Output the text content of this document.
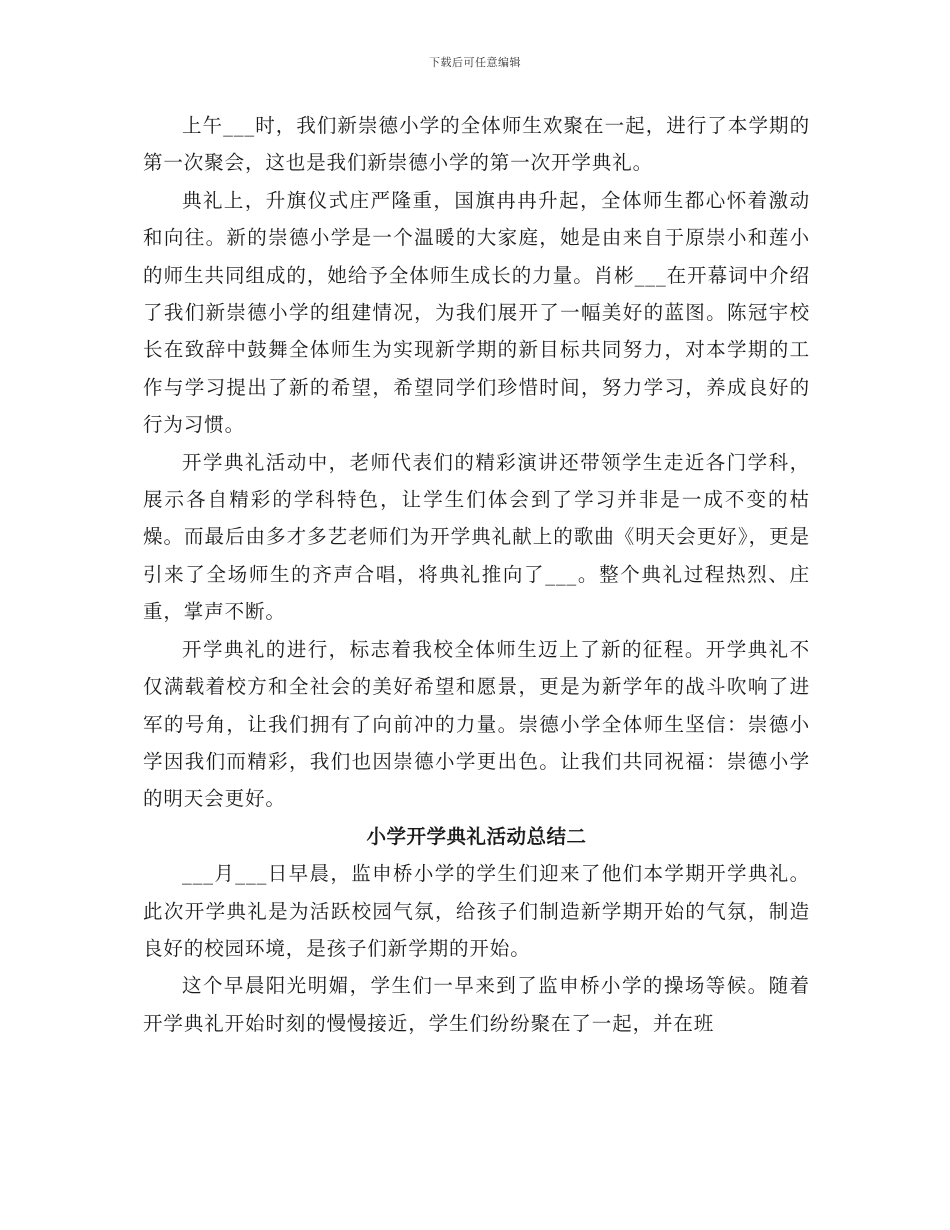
下载后可任意编辑

上午___时，我们新崇德小学的全体师生欢聚在一起，进行了本学期的第一次聚会，这也是我们新崇德小学的第一次开学典礼。

典礼上，升旗仪式庄严隆重，国旗冉冉升起，全体师生都心怀着激动和向往。新的崇德小学是一个温暖的大家庭，她是由来自于原崇小和莲小的师生共同组成的，她给予全体师生成长的力量。肖彬___在开幕词中介绍了我们新崇德小学的组建情况，为我们展开了一幅美好的蓝图。陈冠宇校长在致辞中鼓舞全体师生为实现新学期的新目标共同努力，对本学期的工作与学习提出了新的希望，希望同学们珍惜时间，努力学习，养成良好的行为习惯。

开学典礼活动中，老师代表们的精彩演讲还带领学生走近各门学科，展示各自精彩的学科特色，让学生们体会到了学习并非是一成不变的枯燥。而最后由多才多艺老师们为开学典礼献上的歌曲《明天会更好》，更是引来了全场师生的齐声合唱，将典礼推向了___。整个典礼过程热烈、庄重，掌声不断。

开学典礼的进行，标志着我校全体师生迈上了新的征程。开学典礼不仅满载着校方和全社会的美好希望和愿景，更是为新学年的战斗吹响了进军的号角，让我们拥有了向前冲的力量。崇德小学全体师生坚信：崇德小学因我们而精彩，我们也因崇德小学更出色。让我们共同祝福：崇德小学的明天会更好。

小学开学典礼活动总结二

___月___日早晨，监申桥小学的学生们迎来了他们本学期开学典礼。此次开学典礼是为活跃校园气氛，给孩子们制造新学期开始的气氛，制造良好的校园环境，是孩子们新学期的开始。

这个早晨阳光明媚，学生们一早来到了监申桥小学的操场等候。随着开学典礼开始时刻的慢慢接近，学生们纷纷聚在了一起，并在班
